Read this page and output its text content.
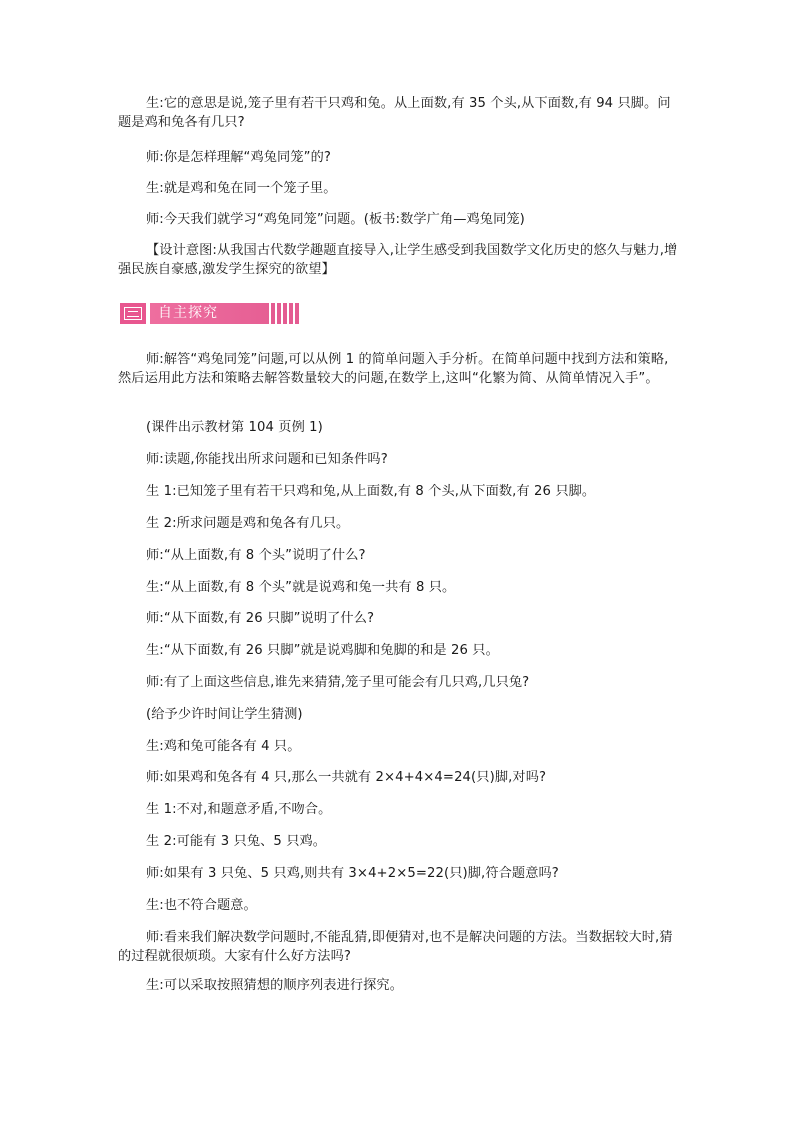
生:它的意思是说,笼子里有若干只鸡和兔。从上面数,有 35 个头,从下面数,有 94 只脚。问题是鸡和兔各有几只?

师:你是怎样理解“鸡兔同笼”的?

生:就是鸡和兔在同一个笼子里。

师:今天我们就学习“鸡兔同笼”问题。(板书:数学广角—鸡兔同笼)

【设计意图:从我国古代数学趣题直接导入,让学生感受到我国数学文化历史的悠久与魅力,增强民族自豪感,激发学生探究的欲望】

自主探究

师:解答“鸡兔同笼”问题,可以从例 1 的简单问题入手分析。在简单问题中找到方法和策略,然后运用此方法和策略去解答数量较大的问题,在数学上,这叫“化繁为简、从简单情况入手”。

(课件出示教材第 104 页例 1)

师:读题,你能找出所求问题和已知条件吗?

生 1:已知笼子里有若干只鸡和兔,从上面数,有 8 个头,从下面数,有 26 只脚。

生 2:所求问题是鸡和兔各有几只。

师:“从上面数,有 8 个头”说明了什么?

生:“从上面数,有 8 个头”就是说鸡和兔一共有 8 只。

师:“从下面数,有 26 只脚”说明了什么?

生:“从下面数,有 26 只脚”就是说鸡脚和兔脚的和是 26 只。

师:有了上面这些信息,谁先来猜猜,笼子里可能会有几只鸡,几只兔?

(给予少许时间让学生猜测)

生:鸡和兔可能各有 4 只。

师:如果鸡和兔各有 4 只,那么一共就有 2×4+4×4=24(只)脚,对吗?

生 1:不对,和题意矛盾,不吻合。

生 2:可能有 3 只兔、5 只鸡。

师:如果有 3 只兔、5 只鸡,则共有 3×4+2×5=22(只)脚,符合题意吗?

生:也不符合题意。

师:看来我们解决数学问题时,不能乱猜,即便猜对,也不是解决问题的方法。当数据较大时,猜的过程就很烦琐。大家有什么好方法吗?

生:可以采取按照猜想的顺序列表进行探究。
